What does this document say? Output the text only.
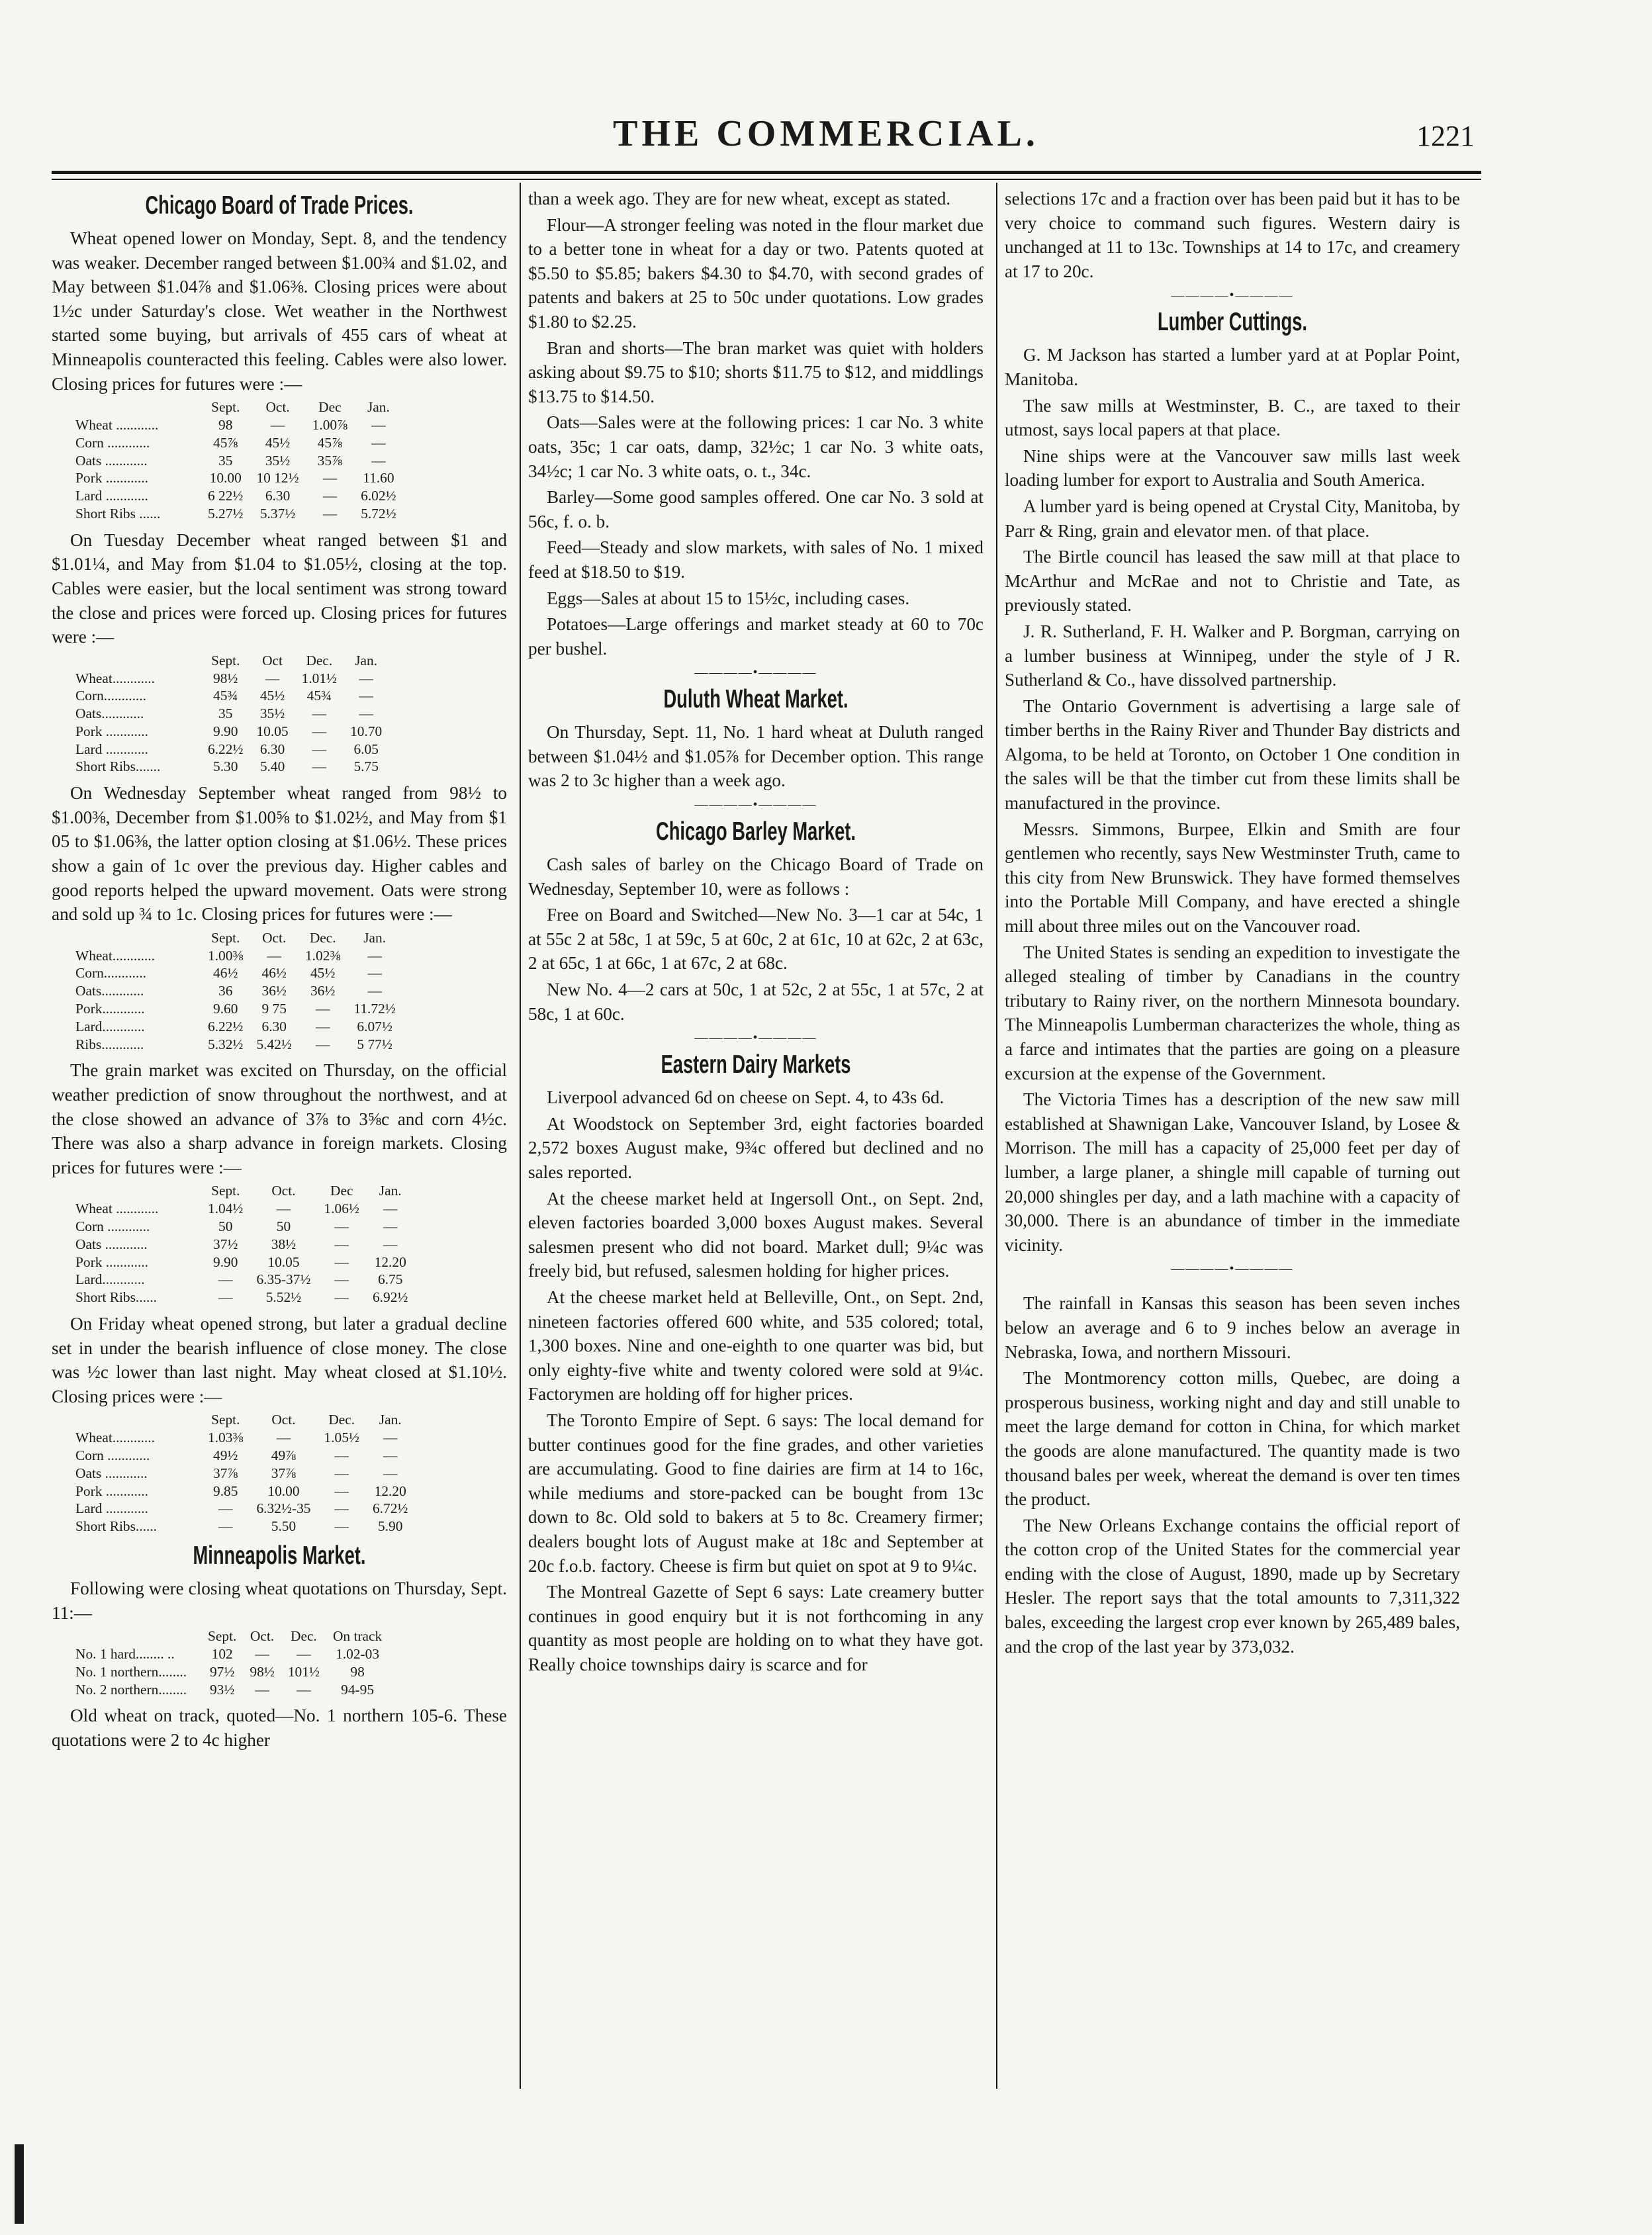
THE COMMERCIAL.	1221
Chicago Board of Trade Prices.

Wheat opened lower on Monday, Sept. 8, and the tendency was weaker. December ranged between $1.00¾ and $1.02, and May between $1.04⅞ and $1.06⅜. Closing prices were about 1½c under Saturday's close. Wet weather in the Northwest started some buying, but arrivals of 455 cars of wheat at Minneapolis counteracted this feeling. Cables were also lower. Closing prices for futures were :—

	Sept.	Oct.	Dec	Jan.
Wheat ............	98	—	1.00⅞	—
Corn ............	45⅞	45½	45⅞	—
Oats ............	35	35½	35⅞	—
Pork ............	10.00	10 12½	—	11.60
Lard ............	6 22½	6.30	—	6.02½
Short Ribs ......	5.27½	5.37½	—	5.72½

On Tuesday December wheat ranged between $1 and $1.01¼, and May from $1.04 to $1.05½, closing at the top. Cables were easier, but the local sentiment was strong toward the close and prices were forced up. Closing prices for futures were :—

	Sept.	Oct	Dec.	Jan.
Wheat............	98½	—	1.01½	—
Corn............	45¾	45½	45¾	—
Oats............	35	35½	—	—
Pork ............	9.90	10.05	—	10.70
Lard ............	6.22½	6.30	—	6.05
Short Ribs.......	5.30	5.40	—	5.75

On Wednesday September wheat ranged from 98½ to $1.00⅜, December from $1.00⅝ to $1.02½, and May from $1 05 to $1.06⅜, the latter option closing at $1.06½. These prices show a gain of 1c over the previous day. Higher cables and good reports helped the upward movement. Oats were strong and sold up ¾ to 1c. Closing prices for futures were :—

	Sept.	Oct.	Dec.	Jan.
Wheat............	1.00⅜	—	1.02⅜	—
Corn............	46½	46½	45½	—
Oats............	36	36½	36½	—
Pork............	9.60	9 75	—	11.72½
Lard............	6.22½	6.30	—	6.07½
Ribs............	5.32½	5.42½	—	5 77½

The grain market was excited on Thursday, on the official weather prediction of snow throughout the northwest, and at the close showed an advance of 3⅞ to 3⅝c and corn 4½c. There was also a sharp advance in foreign markets. Closing prices for futures were :—

	Sept.	Oct.	Dec	Jan.
Wheat ............	1.04½	—	1.06½	—
Corn ............	50	50	—	—
Oats ............	37½	38½	—	—
Pork ............	9.90	10.05	—	12.20
Lard............	—	6.35-37½	—	6.75
Short Ribs......	—	5.52½	—	6.92½

On Friday wheat opened strong, but later a gradual decline set in under the bearish influence of close money. The close was ½c lower than last night. May wheat closed at $1.10½. Closing prices were :—

	Sept.	Oct.	Dec.	Jan.
Wheat............	1.03⅜	—	1.05½	—
Corn ............	49½	49⅞	—	—
Oats ............	37⅞	37⅞	—	—
Pork ............	9.85	10.00	—	12.20
Lard ............	—	6.32½-35	—	6.72½
Short Ribs......	—	5.50	—	5.90
Minneapolis Market.

Following were closing wheat quotations on Thursday, Sept. 11:—

	Sept.	Oct.	Dec.	On track
No. 1 hard........ ..	102	—	—	1.02-03
No. 1 northern........	97½	98½	101½	98
No. 2 northern........	93½	—	—	94-95

Old wheat on track, quoted—No. 1 northern 105-6. These quotations were 2 to 4c higher

than a week ago. They are for new wheat, except as stated.

Flour—A stronger feeling was noted in the flour market due to a better tone in wheat for a day or two. Patents quoted at $5.50 to $5.85; bakers $4.30 to $4.70, with second grades of patents and bakers at 25 to 50c under quotations. Low grades $1.80 to $2.25.

Bran and shorts—The bran market was quiet with holders asking about $9.75 to $10; shorts $11.75 to $12, and middlings $13.75 to $14.50.

Oats—Sales were at the following prices: 1 car No. 3 white oats, 35c; 1 car oats, damp, 32½c; 1 car No. 3 white oats, 34½c; 1 car No. 3 white oats, o. t., 34c.

Barley—Some good samples offered. One car No. 3 sold at 56c, f. o. b.

Feed—Steady and slow markets, with sales of No. 1 mixed feed at $18.50 to $19.

Eggs—Sales at about 15 to 15½c, including cases.

Potatoes—Large offerings and market steady at 60 to 70c per bushel.

————•————
Duluth Wheat Market.

On Thursday, Sept. 11, No. 1 hard wheat at Duluth ranged between $1.04½ and $1.05⅞ for December option. This range was 2 to 3c higher than a week ago.

————•————
Chicago Barley Market.

Cash sales of barley on the Chicago Board of Trade on Wednesday, September 10, were as follows :

Free on Board and Switched—New No. 3—1 car at 54c, 1 at 55c 2 at 58c, 1 at 59c, 5 at 60c, 2 at 61c, 10 at 62c, 2 at 63c, 2 at 65c, 1 at 66c, 1 at 67c, 2 at 68c.

New No. 4—2 cars at 50c, 1 at 52c, 2 at 55c, 1 at 57c, 2 at 58c, 1 at 60c.

————•————
Eastern Dairy Markets

Liverpool advanced 6d on cheese on Sept. 4, to 43s 6d.

At Woodstock on September 3rd, eight factories boarded 2,572 boxes August make, 9¾c offered but declined and no sales reported.

At the cheese market held at Ingersoll Ont., on Sept. 2nd, eleven factories boarded 3,000 boxes August makes. Several salesmen present who did not board. Market dull; 9¼c was freely bid, but refused, salesmen holding for higher prices.

At the cheese market held at Belleville, Ont., on Sept. 2nd, nineteen factories offered 600 white, and 535 colored; total, 1,300 boxes. Nine and one-eighth to one quarter was bid, but only eighty-five white and twenty colored were sold at 9¼c. Factorymen are holding off for higher prices.

The Toronto Empire of Sept. 6 says: The local demand for butter continues good for the fine grades, and other varieties are accumulating. Good to fine dairies are firm at 14 to 16c, while mediums and store-packed can be bought from 13c down to 8c. Old sold to bakers at 5 to 8c. Creamery firmer; dealers bought lots of August make at 18c and September at 20c f.o.b. factory. Cheese is firm but quiet on spot at 9 to 9¼c.

The Montreal Gazette of Sept 6 says: Late creamery butter continues in good enquiry but it is not forthcoming in any quantity as most people are holding on to what they have got. Really choice townships dairy is scarce and for

selections 17c and a fraction over has been paid but it has to be very choice to command such figures. Western dairy is unchanged at 11 to 13c. Townships at 14 to 17c, and creamery at 17 to 20c.

————•————
Lumber Cuttings.

G. M Jackson has started a lumber yard at at Poplar Point, Manitoba.

The saw mills at Westminster, B. C., are taxed to their utmost, says local papers at that place.

Nine ships were at the Vancouver saw mills last week loading lumber for export to Australia and South America.

A lumber yard is being opened at Crystal City, Manitoba, by Parr & Ring, grain and elevator men. of that place.

The Birtle council has leased the saw mill at that place to McArthur and McRae and not to Christie and Tate, as previously stated.

J. R. Sutherland, F. H. Walker and P. Borgman, carrying on a lumber business at Winnipeg, under the style of J R. Sutherland & Co., have dissolved partnership.

The Ontario Government is advertising a large sale of timber berths in the Rainy River and Thunder Bay districts and Algoma, to be held at Toronto, on October 1 One condition in the sales will be that the timber cut from these limits shall be manufactured in the province.

Messrs. Simmons, Burpee, Elkin and Smith are four gentlemen who recently, says New Westminster Truth, came to this city from New Brunswick. They have formed themselves into the Portable Mill Company, and have erected a shingle mill about three miles out on the Vancouver road.

The United States is sending an expedition to investigate the alleged stealing of timber by Canadians in the country tributary to Rainy river, on the northern Minnesota boundary. The Minneapolis Lumberman characterizes the whole, thing as a farce and intimates that the parties are going on a pleasure excursion at the expense of the Government.

The Victoria Times has a description of the new saw mill established at Shawnigan Lake, Vancouver Island, by Losee & Morrison. The mill has a capacity of 25,000 feet per day of lumber, a large planer, a shingle mill capable of turning out 20,000 shingles per day, and a lath machine with a capacity of 30,000. There is an abundance of timber in the immediate vicinity.

————•————

The rainfall in Kansas this season has been seven inches below an average and 6 to 9 inches below an average in Nebraska, Iowa, and northern Missouri.

The Montmorency cotton mills, Quebec, are doing a prosperous business, working night and day and still unable to meet the large demand for cotton in China, for which market the goods are alone manufactured. The quantity made is two thousand bales per week, whereat the demand is over ten times the product.

The New Orleans Exchange contains the official report of the cotton crop of the United States for the commercial year ending with the close of August, 1890, made up by Secretary Hesler. The report says that the total amounts to 7,311,322 bales, exceeding the largest crop ever known by 265,489 bales, and the crop of the last year by 373,032.
